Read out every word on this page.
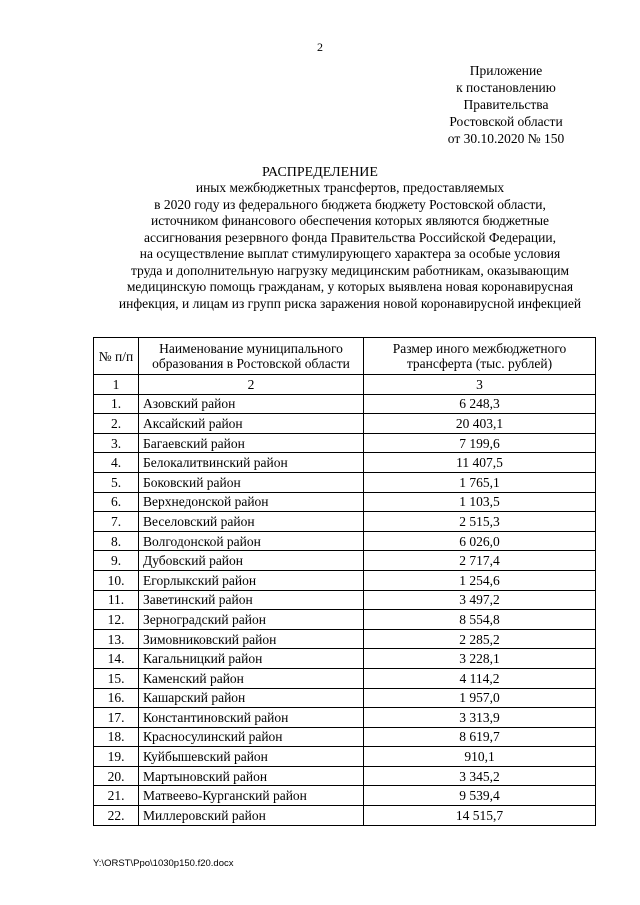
2
Приложение
к постановлению
Правительства
Ростовской области
от 30.10.2020 № 150
РАСПРЕДЕЛЕНИЕ
иных межбюджетных трансфертов, предоставляемых
в 2020 году из федерального бюджета бюджету Ростовской области,
источником финансового обеспечения которых являются бюджетные
ассигнования резервного фонда Правительства Российской Федерации,
на осуществление выплат стимулирующего характера за особые условия
труда и дополнительную нагрузку медицинским работникам, оказывающим
медицинскую помощь гражданам, у которых выявлена новая коронавирусная
инфекция, и лицам из групп риска заражения новой коронавирусной инфекцией
№ п/п	Наименование муниципального образования в Ростовской области	Размер иного межбюджетного трансферта (тыс. рублей)
1	2	3
1.	Азовский район	6 248,3
2.	Аксайский район	20 403,1
3.	Багаевский район	7 199,6
4.	Белокалитвинский район	11 407,5
5.	Боковский район	1 765,1
6.	Верхнедонской район	1 103,5
7.	Веселовский район	2 515,3
8.	Волгодонской район	6 026,0
9.	Дубовский район	2 717,4
10.	Егорлыкский район	1 254,6
11.	Заветинский район	3 497,2
12.	Зерноградский район	8 554,8
13.	Зимовниковский район	2 285,2
14.	Кагальницкий район	3 228,1
15.	Каменский район	4 114,2
16.	Кашарский район	1 957,0
17.	Константиновский район	3 313,9
18.	Красносулинский район	8 619,7
19.	Куйбышевский район	910,1
20.	Мартыновский район	3 345,2
21.	Матвеево-Курганский район	9 539,4
22.	Миллеровский район	14 515,7
Y:\ORST\Ppo\1030p150.f20.docx
